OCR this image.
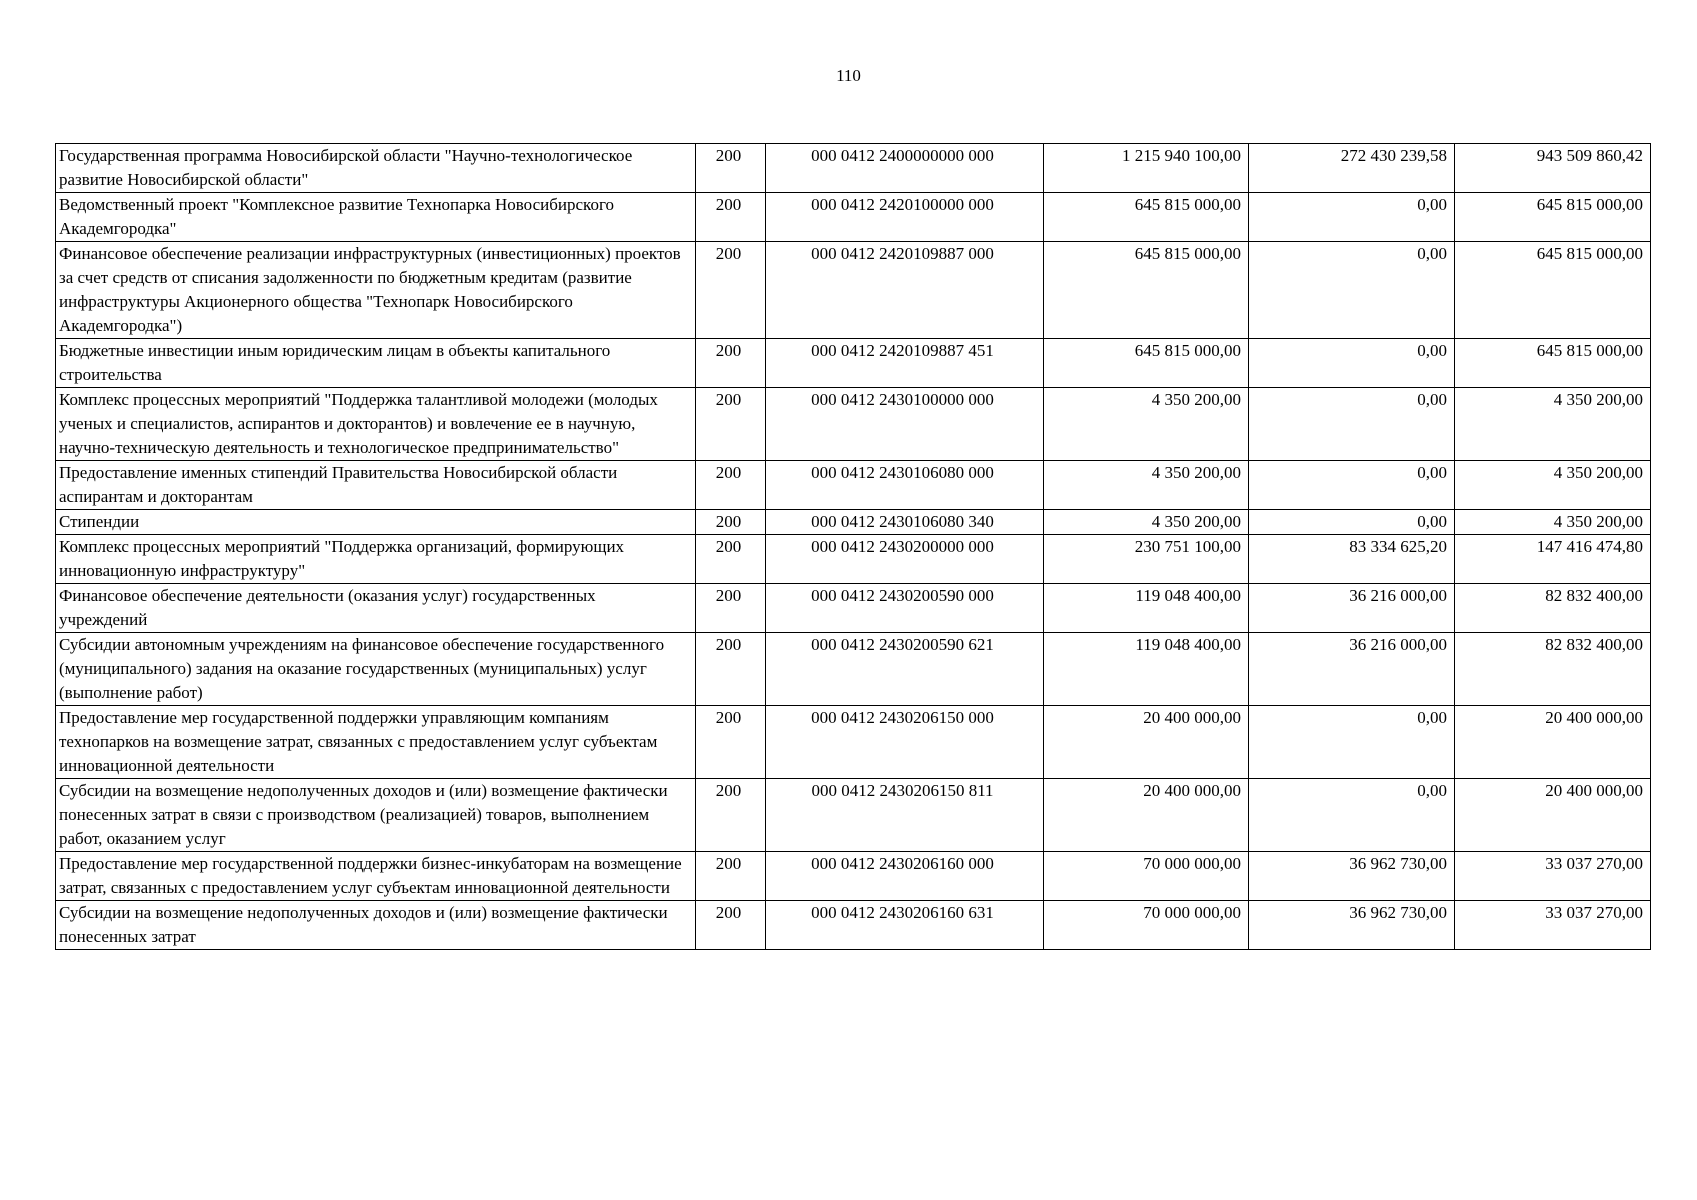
110
Государственная программа Новосибирской области "Научно-технологическое развитие Новосибирской области"	200	000 0412 2400000000 000	1 215 940 100,00	272 430 239,58	943 509 860,42
Ведомственный проект "Комплексное развитие Технопарка Новосибирского Академгородка"	200	000 0412 2420100000 000	645 815 000,00	0,00	645 815 000,00
Финансовое обеспечение реализации инфраструктурных (инвестиционных) проектов за счет средств от списания задолженности по бюджетным кредитам (развитие инфраструктуры Акционерного общества "Технопарк Новосибирского Академгородка")	200	000 0412 2420109887 000	645 815 000,00	0,00	645 815 000,00
Бюджетные инвестиции иным юридическим лицам в объекты капитального строительства	200	000 0412 2420109887 451	645 815 000,00	0,00	645 815 000,00
Комплекс процессных мероприятий "Поддержка талантливой молодежи (молодых ученых и специалистов, аспирантов и докторантов) и вовлечение ее в научную, научно-техническую деятельность и технологическое предпринимательство"	200	000 0412 2430100000 000	4 350 200,00	0,00	4 350 200,00
Предоставление именных стипендий Правительства Новосибирской области аспирантам и докторантам	200	000 0412 2430106080 000	4 350 200,00	0,00	4 350 200,00
Стипендии	200	000 0412 2430106080 340	4 350 200,00	0,00	4 350 200,00
Комплекс процессных мероприятий "Поддержка организаций, формирующих инновационную инфраструктуру"	200	000 0412 2430200000 000	230 751 100,00	83 334 625,20	147 416 474,80
Финансовое обеспечение деятельности (оказания услуг) государственных учреждений	200	000 0412 2430200590 000	119 048 400,00	36 216 000,00	82 832 400,00
Субсидии автономным учреждениям на финансовое обеспечение государственного (муниципального) задания на оказание государственных (муниципальных) услуг (выполнение работ)	200	000 0412 2430200590 621	119 048 400,00	36 216 000,00	82 832 400,00
Предоставление мер государственной поддержки управляющим компаниям технопарков на возмещение затрат, связанных с предоставлением услуг субъектам инновационной деятельности	200	000 0412 2430206150 000	20 400 000,00	0,00	20 400 000,00
Субсидии на возмещение недополученных доходов и (или) возмещение фактически понесенных затрат в связи с производством (реализацией) товаров, выполнением работ, оказанием услуг	200	000 0412 2430206150 811	20 400 000,00	0,00	20 400 000,00
Предоставление мер государственной поддержки бизнес-инкубаторам на возмещение затрат, связанных с предоставлением услуг субъектам инновационной деятельности	200	000 0412 2430206160 000	70 000 000,00	36 962 730,00	33 037 270,00
Субсидии на возмещение недополученных доходов и (или) возмещение фактически понесенных затрат	200	000 0412 2430206160 631	70 000 000,00	36 962 730,00	33 037 270,00
